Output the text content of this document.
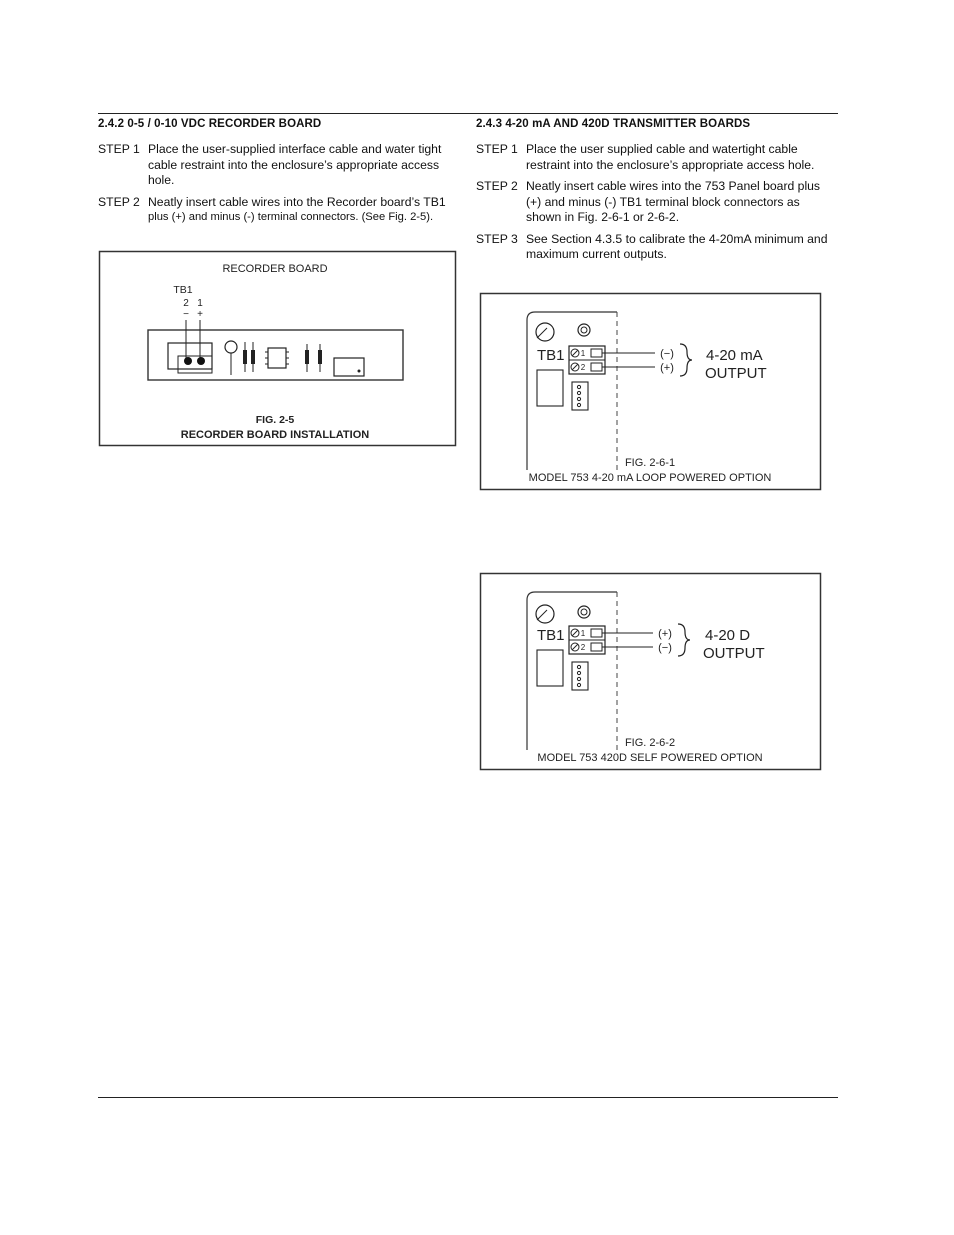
2.4.2 0-5 / 0-10 VDC RECORDER BOARD
STEP 1 Place the user-supplied interface cable and water tight cable restraint into the enclosure’s appropriate access hole.
STEP 2 Neatly insert cable wires into the Recorder board’s TB1
plus (+) and minus (-) terminal connectors. (See Fig. 2-5).
RECORDER BOARD
TB1
2 1
− +
FIG. 2-5
RECORDER BOARD INSTALLATION
2.4.3 4-20 mA AND 420D TRANSMITTER BOARDS
STEP 1 Place the user supplied cable and watertight cable restraint into the enclosure’s appropriate access hole.
STEP 2 Neatly insert cable wires into the 753 Panel board plus (+) and minus (-) TB1 terminal block connectors as shown in Fig. 2-6-1 or 2-6-2.
STEP 3 See Section 4.3.5 to calibrate the 4-20mA minimum and maximum current outputs.
TB1 1
2
(−)
(+)
4-20 mA
OUTPUT
FIG. 2-6-1
MODEL 753 4-20 mA LOOP POWERED OPTION
TB1 1
2
(+)
(−)
4-20 D
OUTPUT
FIG. 2-6-2
MODEL 753 420D SELF POWERED OPTION
